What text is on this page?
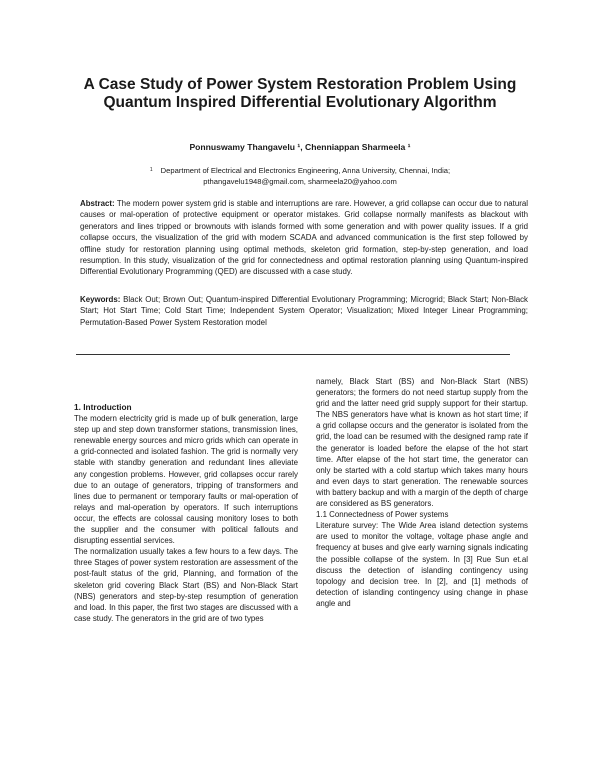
A Case Study of Power System Restoration Problem Using Quantum Inspired Differential Evolutionary Algorithm
Ponnuswamy Thangavelu ¹, Chenniappan Sharmeela ¹
$^1$ Department of Electrical and Electronics Engineering, Anna University, Chennai, India;
pthangavelu1948@gmail.com, sharmeela20@yahoo.com

Abstract: The modern power system grid is stable and interruptions are rare. However, a grid collapse can occur due to natural causes or mal-operation of protective equipment or operator mistakes. Grid collapse normally manifests as blackout with generators and lines tripped or brownouts with islands formed with some generation and with power quality issues. If a grid collapse occurs, the visualization of the grid with modern SCADA and advanced communication is the first step followed by offline study for restoration planning using optimal methods, skeleton grid formation, step-by-step generation, and load resumption. In this study, visualization of the grid for connectedness and optimal restoration planning using Quantum-inspired Differential Evolutionary Programming (QED) are discussed with a case study.

Keywords: Black Out; Brown Out; Quantum-inspired Differential Evolutionary Programming; Microgrid; Black Start; Non-Black Start; Hot Start Time; Cold Start Time; Independent System Operator; Visualization; Mixed Integer Linear Programming; Permutation-Based Power System Restoration model

1. Introduction

The modern electricity grid is made up of bulk generation, large step up and step down transformer stations, transmission lines, renewable energy sources and micro grids which can operate in a grid-connected and isolated fashion. The grid is normally very stable with standby generation and redundant lines alleviate any congestion problems. However, grid collapses occur rarely due to an outage of generators, tripping of transformers and lines due to permanent or temporary faults or mal-operation of relays and mal-operation by operators. If such interruptions occur, the effects are colossal causing monitory loses to both the supplier and the consumer with political fallouts and disrupting essential services.

The normalization usually takes a few hours to a few days. The three Stages of power system restoration are assessment of the post-fault status of the grid, Planning, and formation of the skeleton grid covering Black Start (BS) and Non-Black Start (NBS) generators and step-by-step resumption of generation and load. In this paper, the first two stages are discussed with a case study. The generators in the grid are of two types

namely, Black Start (BS) and Non-Black Start (NBS) generators; the formers do not need startup supply from the grid and the latter need grid supply support for their startup. The NBS generators have what is known as hot start time; if a grid collapse occurs and the generator is isolated from the grid, the load can be resumed with the designed ramp rate if the generator is loaded before the elapse of the hot start time. After elapse of the hot start time, the generator can only be started with a cold startup which takes many hours and even days to start generation. The renewable sources with battery backup and with a margin of the depth of charge are considered as BS generators.

1.1 Connectedness of Power systems

Literature survey: The Wide Area island detection systems are used to monitor the voltage, voltage phase angle and frequency at buses and give early warning signals indicating the possible collapse of the system. In [3] Rue Sun et.al discuss the detection of islanding contingency using topology and decision tree. In [2], and [1] methods of detection of islanding contingency using change in phase angle and
